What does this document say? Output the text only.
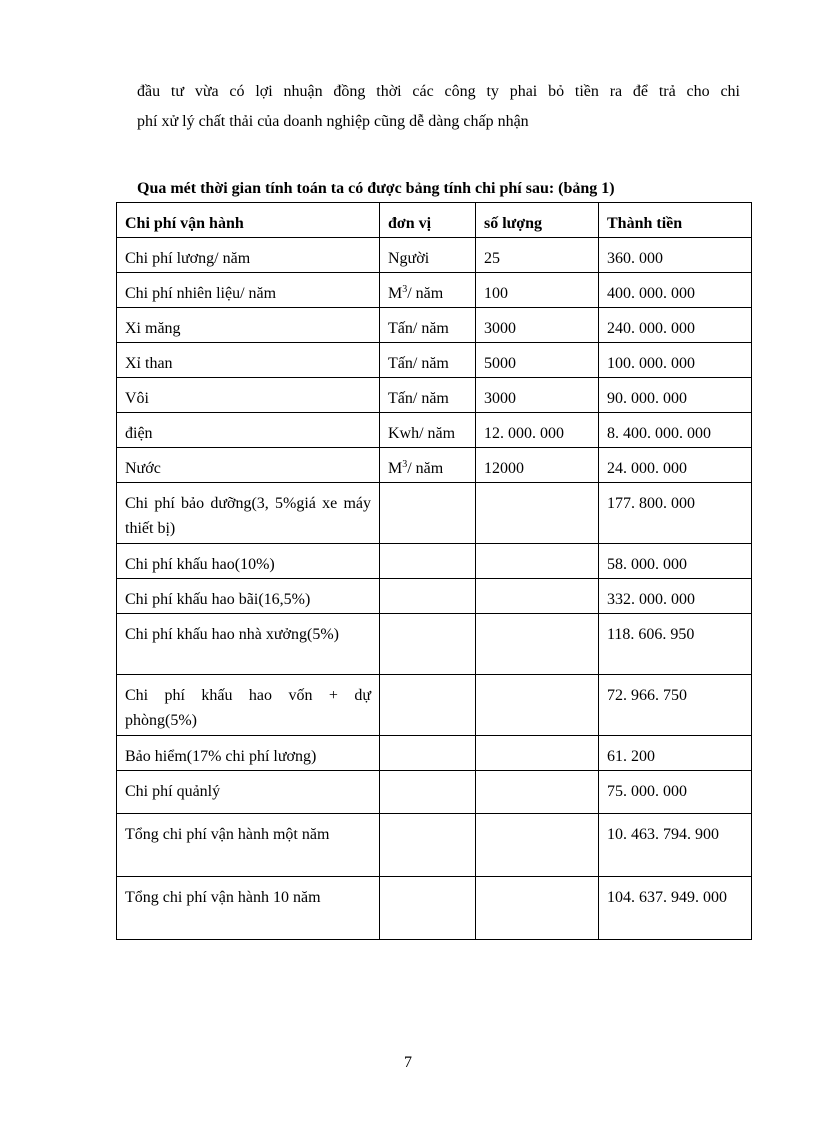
đầu tư vừa có lợi nhuận đồng thời các công ty phai bỏ tiền ra để trả cho chi
phí xử lý chất thải của doanh nghiệp cũng dễ dàng chấp nhận
Qua mét thời gian tính toán ta có được bảng tính chi phí sau: (bảng 1)
Chi phí vận hành	đơn vị	số lượng	Thành tiền
Chi phí lương/ năm	Người	25	360. 000
Chi phí nhiên liệu/ năm	$M^3/$ năm	100	400. 000. 000
Xi măng	Tấn/ năm	3000	240. 000. 000
Xỉ than	Tấn/ năm	5000	100. 000. 000
Vôi	Tấn/ năm	3000	90. 000. 000
điện	Kwh/ năm	12. 000. 000	8. 400. 000. 000
Nước	$M^3/$ năm	12000	24. 000. 000
Chi phí bảo dưỡng(3, 5%giá xe máy thiết bị)			177. 800. 000
Chi phí khấu hao(10%)			58. 000. 000
Chi phí khấu hao bãi(16,5%)			332. 000. 000
Chi phí khấu hao nhà xưởng(5%)			118. 606. 950
Chi phí khấu hao vốn + dự phòng(5%)			72. 966. 750
Bảo hiểm(17% chi phí lương)			61. 200
Chi phí quảnlý			75. 000. 000
Tổng chi phí vận hành một năm			10. 463. 794. 900
Tổng chi phí vận hành 10 năm			104. 637. 949. 000
7
